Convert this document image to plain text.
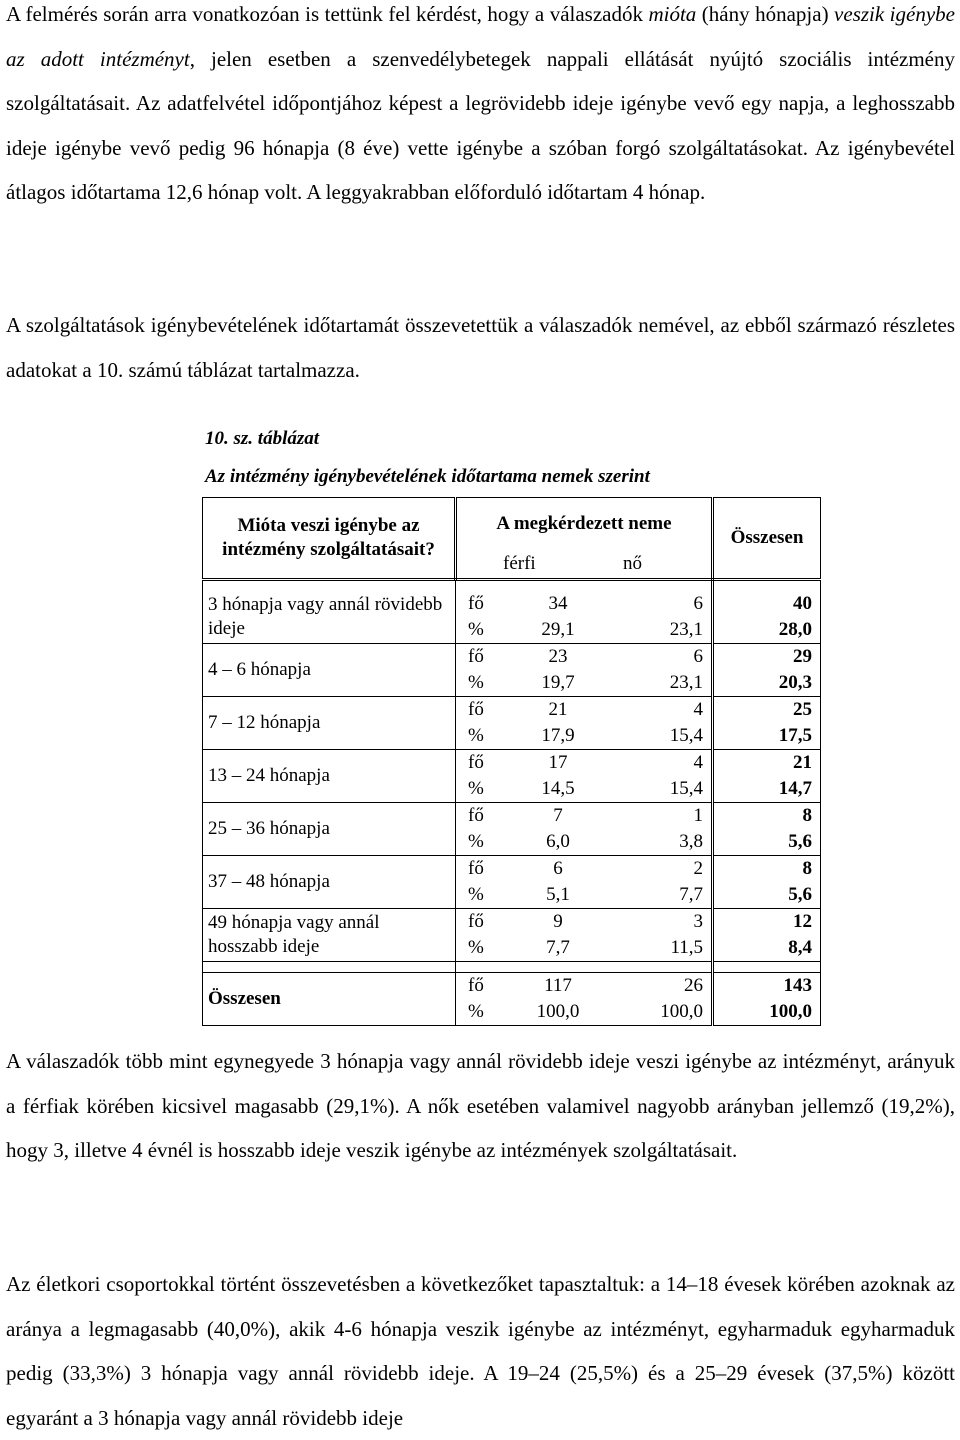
A felmérés során arra vonatkozóan is tettünk fel kérdést, hogy a válaszadók mióta (hány hónapja) veszik igénybe az adott intézményt, jelen esetben a szenvedélybetegek nappali ellátását nyújtó szociális intézmény szolgáltatásait. Az adatfelvétel időpontjához képest a legrövidebb ideje igénybe vevő egy napja, a leghosszabb ideje igénybe vevő pedig 96 hónapja (8 éve) vette igénybe a szóban forgó szolgáltatásokat. Az igénybevétel átlagos időtartama 12,6 hónap volt. A leggyakrabban előforduló időtartam 4 hónap.

A szolgáltatások igénybevételének időtartamát összevetettük a válaszadók nemével, az ebből származó részletes adatokat a 10. számú táblázat tartalmazza.

10. sz. táblázat
Az intézmény igénybevételének időtartama nemek szerint
Mióta veszi igénybe az intézmény szolgáltatásait?	A megkérdezett neme			Összesen
		férfi	nő	

3 hónapja vagy annál rövidebb ideje	fő	34	6	40
	%	29,1	23,1	28,0
4 – 6 hónapja	fő	23	6	29
	%	19,7	23,1	20,3
7 – 12 hónapja	fő	21	4	25
	%	17,9	15,4	17,5
13 – 24 hónapja	fő	17	4	21
	%	14,5	15,4	14,7
25 – 36 hónapja	fő	7	1	8
	%	6,0	3,8	5,6
37 – 48 hónapja	fő	6	2	8
	%	5,1	7,7	5,6
49 hónapja vagy annál hosszabb ideje	fő	9	3	12
	%	7,7	11,5	8,4

Összesen	fő	117	26	143
	%	100,0	100,0	100,0

A válaszadók több mint egynegyede 3 hónapja vagy annál rövidebb ideje veszi igénybe az intézményt, arányuk a férfiak körében kicsivel magasabb (29,1%). A nők esetében valamivel nagyobb arányban jellemző (19,2%), hogy 3, illetve 4 évnél is hosszabb ideje veszik igénybe az intézmények szolgáltatásait.

Az életkori csoportokkal történt összevetésben a következőket tapasztaltuk: a 14–18 évesek körében azoknak az aránya a legmagasabb (40,0%), akik 4-6 hónapja veszik igénybe az intézményt, egyharmaduk egyharmaduk pedig (33,3%) 3 hónapja vagy annál rövidebb ideje. A 19–24 (25,5%) és a 25–29 évesek (37,5%) között egyaránt a 3 hónapja vagy annál rövidebb ideje
